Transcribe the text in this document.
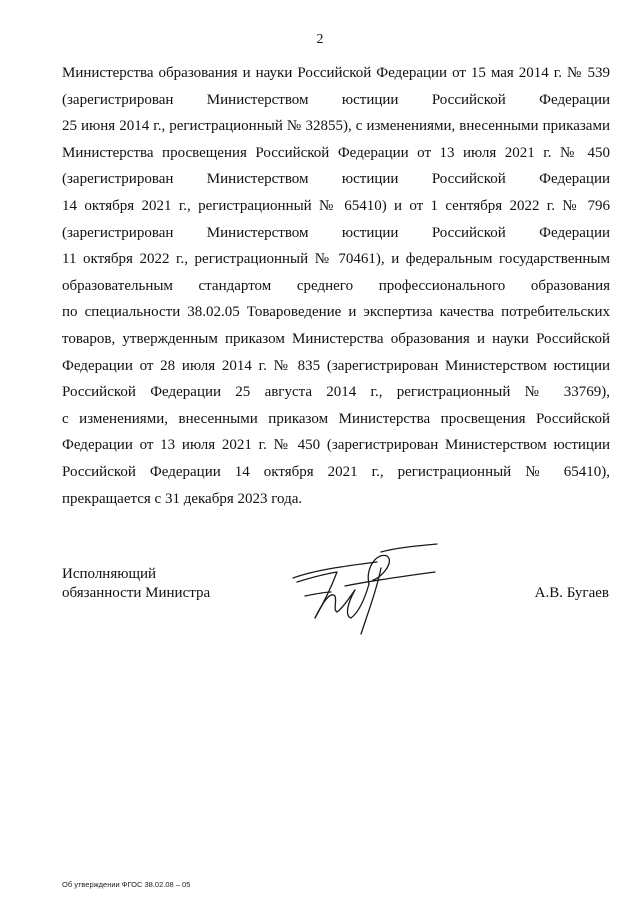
2
Министерства образования и науки Российской Федерации от 15 мая 2014 г. № 539
(зарегистрирован Министерством юстиции Российской Федерации
25 июня 2014 г., регистрационный № 32855), с изменениями, внесенными приказами
Министерства просвещения Российской Федерации от 13 июля 2021 г. № 450
(зарегистрирован Министерством юстиции Российской Федерации
14 октября 2021 г., регистрационный № 65410) и от 1 сентября 2022 г. № 796
(зарегистрирован Министерством юстиции Российской Федерации
11 октября 2022 г., регистрационный № 70461), и федеральным государственным
образовательным стандартом среднего профессионального образования
по специальности 38.02.05 Товароведение и экспертиза качества потребительских
товаров, утвержденным приказом Министерства образования и науки Российской
Федерации от 28 июля 2014 г. № 835 (зарегистрирован Министерством юстиции
Российской Федерации 25 августа 2014 г., регистрационный № 33769),
с изменениями, внесенными приказом Министерства просвещения Российской
Федерации от 13 июля 2021 г. № 450 (зарегистрирован Министерством юстиции
Российской Федерации 14 октября 2021 г., регистрационный № 65410),
прекращается с 31 декабря 2023 года.
Исполняющий
обязанности Министра	А.В. Бугаев
Об утверждении ФГОС 38.02.08 – 05
